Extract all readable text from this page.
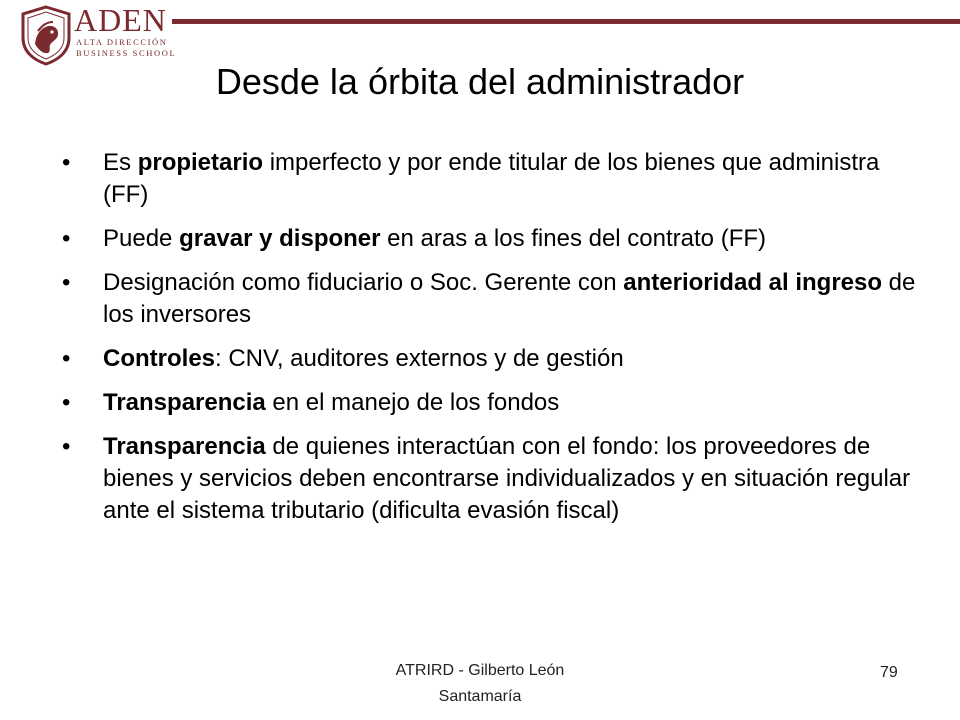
ADEN
ALTA DIRECCIÓN
BUSINESS SCHOOL
Desde la órbita del administrador
• Es propietario imperfecto y por ende titular de los bienes que administra (FF)
• Puede gravar y disponer en aras a los fines del contrato (FF)
• Designación como fiduciario o Soc. Gerente con anterioridad al ingreso de los inversores
• Controles: CNV, auditores externos y de gestión
• Transparencia en el manejo de los fondos
• Transparencia de quienes interactúan con el fondo: los proveedores de bienes y servicios deben encontrarse individualizados y en situación regular ante el sistema tributario (dificulta evasión fiscal)
ATRIRD - Gilberto León
Santamaría
79
